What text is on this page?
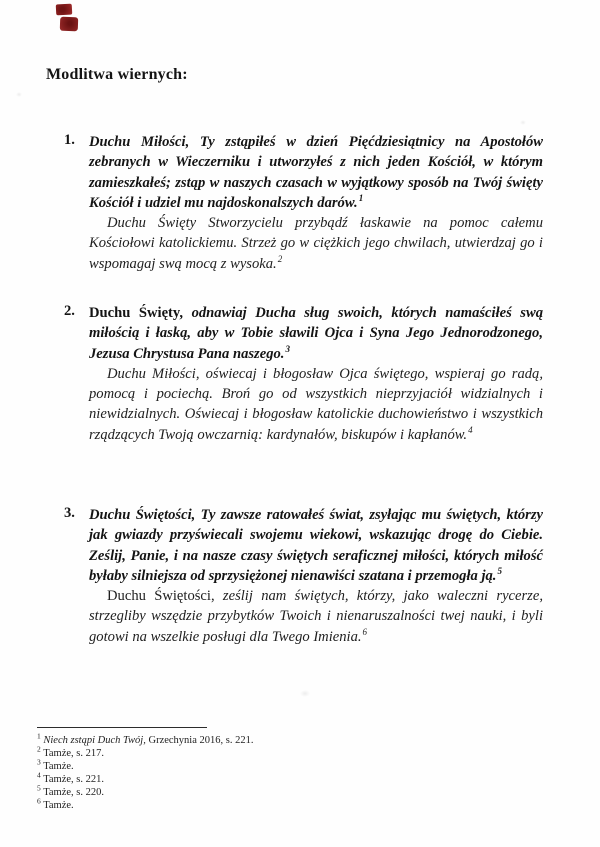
Modlitwa wiernych:
1. Duchu Miłości, Ty zstąpiłeś w dzień Pięćdziesiątnicy na Apostołów zebranych w Wieczerniku i utworzyłeś z nich jeden Kościół, w którym zamieszkałeś; zstąp w naszych czasach w wyjątkowy sposób na Twój święty Kościół i udziel mu najdoskonalszych darów.$^1$

Duchu Święty Stworzycielu przybądź łaskawie na pomoc całemu Kościołowi katolickiemu. Strzeż go w ciężkich jego chwilach, utwierdzaj go i wspomagaj swą mocą z wysoka.$^2$

2. Duchu Święty, odnawiaj Ducha sług swoich, których namaściłeś swą miłością i łaską, aby w Tobie sławili Ojca i Syna Jego Jednorodzonego, Jezusa Chrystusa Pana naszego.$^3$

Duchu Miłości, oświecaj i błogosław Ojca świętego, wspieraj go radą, pomocą i pociechą. Broń go od wszystkich nieprzyjaciół widzialnych i niewidzialnych. Oświecaj i błogosław katolickie duchowieństwo i wszystkich rządzących Twoją owczarnią: kardynałów, biskupów i kapłanów.$^4$

3. Duchu Świętości, Ty zawsze ratowałeś świat, zsyłając mu świętych, którzy jak gwiazdy przyświecali swojemu wiekowi, wskazując drogę do Ciebie. Ześlij, Panie, i na nasze czasy świętych seraficznej miłości, których miłość byłaby silniejsza od sprzysiężonej nienawiści szatana i przemogła ją.$^5$

Duchu Świętości, ześlij nam świętych, którzy, jako waleczni rycerze, strzegliby wszędzie przybytków Twoich i nienaruszalności twej nauki, i byli gotowi na wszelkie posługi dla Twego Imienia.$^6$

$^1$ Niech zstąpi Duch Twój, Grzechynia 2016, s. 221.
$^2$ Tamże, s. 217.
$^3$ Tamże.
$^4$ Tamże, s. 221.
$^5$ Tamże, s. 220.
$^6$ Tamże.
